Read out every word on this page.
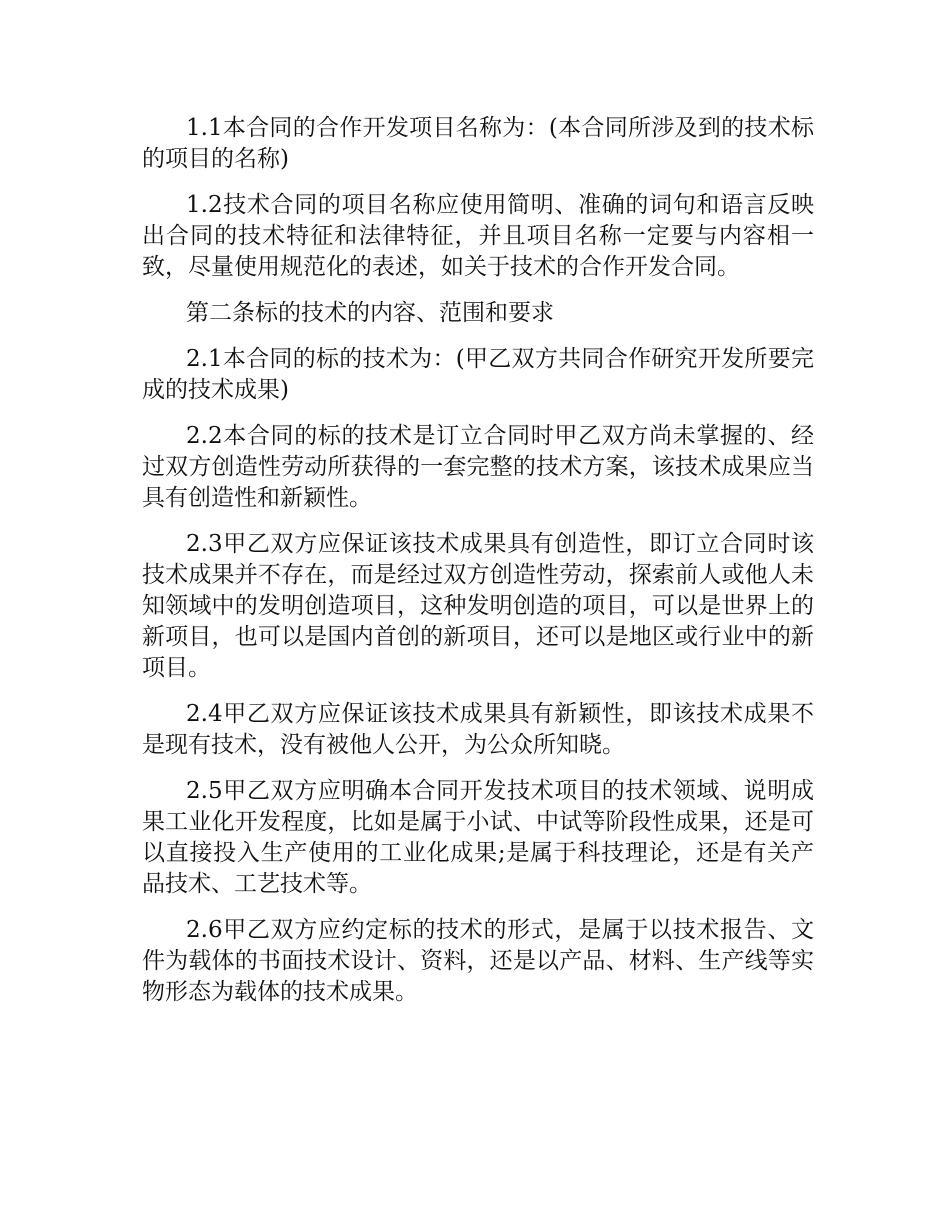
1.1本合同的合作开发项目名称为：(本合同所涉及到的技术标的项目的名称)

1.2技术合同的项目名称应使用简明、准确的词句和语言反映出合同的技术特征和法律特征，并且项目名称一定要与内容相一致，尽量使用规范化的表述，如关于技术的合作开发合同。

第二条标的技术的内容、范围和要求

2.1本合同的标的技术为：(甲乙双方共同合作研究开发所要完成的技术成果)

2.2本合同的标的技术是订立合同时甲乙双方尚未掌握的、经过双方创造性劳动所获得的一套完整的技术方案，该技术成果应当具有创造性和新颖性。

2.3甲乙双方应保证该技术成果具有创造性，即订立合同时该技术成果并不存在，而是经过双方创造性劳动，探索前人或他人未知领域中的发明创造项目，这种发明创造的项目，可以是世界上的新项目，也可以是国内首创的新项目，还可以是地区或行业中的新项目。

2.4甲乙双方应保证该技术成果具有新颖性，即该技术成果不是现有技术，没有被他人公开，为公众所知晓。

2.5甲乙双方应明确本合同开发技术项目的技术领域、说明成果工业化开发程度，比如是属于小试、中试等阶段性成果，还是可以直接投入生产使用的工业化成果;是属于科技理论，还是有关产品技术、工艺技术等。

2.6甲乙双方应约定标的技术的形式，是属于以技术报告、文件为载体的书面技术设计、资料，还是以产品、材料、生产线等实物形态为载体的技术成果。
